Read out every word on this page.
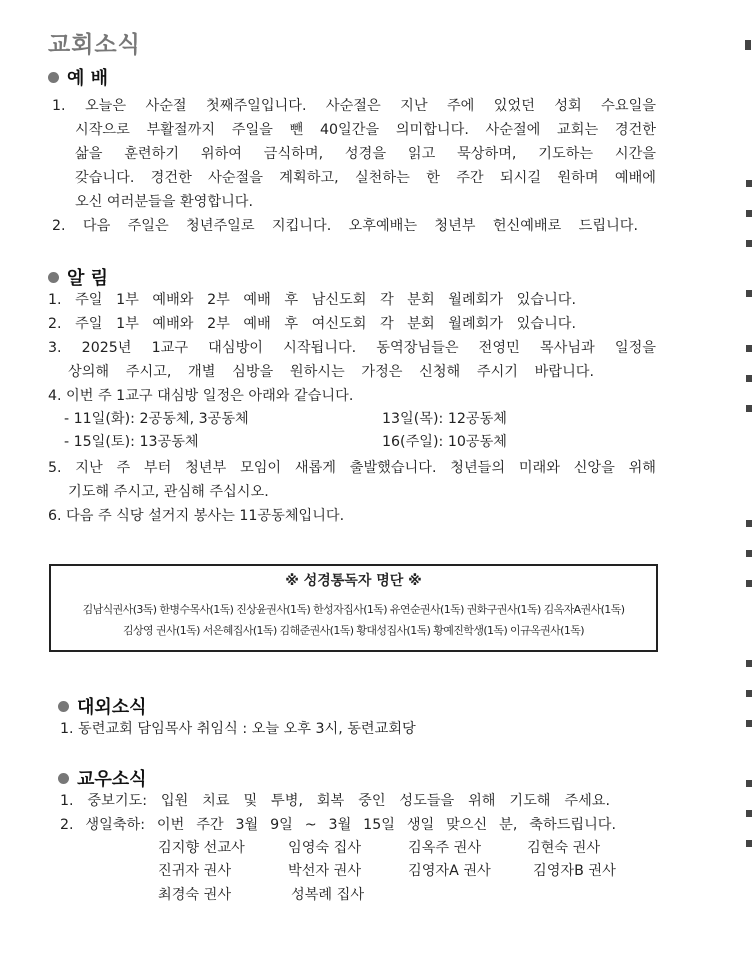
교회소식
예 배
1. 오늘은 사순절 첫째주일입니다. 사순절은 지난 주에 있었던 성회 수요일을
시작으로 부활절까지 주일을 뺀 40일간을 의미합니다. 사순절에 교회는 경건한
삶을 훈련하기 위하여 금식하며, 성경을 읽고 묵상하며, 기도하는 시간을
갖습니다. 경건한 사순절을 계획하고, 실천하는 한 주간 되시길 원하며 예배에
오신 여러분들을 환영합니다.
2. 다음 주일은 청년주일로 지킵니다. 오후예배는 청년부 헌신예배로 드립니다.
알 림
1. 주일 1부 예배와 2부 예배 후 남신도회 각 분회 월례회가 있습니다.
2. 주일 1부 예배와 2부 예배 후 여신도회 각 분회 월례회가 있습니다.
3. 2025년 1교구 대심방이 시작됩니다. 동역장님들은 전영민 목사님과 일정을
상의해 주시고, 개별 심방을 원하시는 가정은 신청해 주시기 바랍니다.
4. 이번 주 1교구 대심방 일정은 아래와 같습니다.
- 11일(화): 2공동체, 3공동체	13일(목): 12공동체
- 15일(토): 13공동체	16(주일): 10공동체
5. 지난 주 부터 청년부 모임이 새롭게 출발했습니다. 청년들의 미래와 신앙을 위해
기도해 주시고, 관심해 주십시오.
6. 다음 주 식당 설거지 봉사는 11공동체입니다.
※ 성경통독자 명단 ※
김남식권사(3독) 한병수목사(1독) 진상윤권사(1독) 한성자집사(1독) 유연순권사(1독) 권화구권사(1독) 김옥자A권사(1독)
김상영 권사(1독) 서은혜집사(1독) 김해준권사(1독) 황대성집사(1독) 황예진학생(1독) 이규옥권사(1독)
대외소식
1. 동련교회 담임목사 취임식 : 오늘 오후 3시, 동련교회당
교우소식
1. 중보기도: 입원 치료 및 투병, 회복 중인 성도들을 위해 기도해 주세요.
2. 생일축하: 이번 주간 3월 9일 ~ 3월 15일 생일 맞으신 분, 축하드립니다.
김지향 선교사	임영숙 집사	김옥주 권사	김현숙 권사
진귀자 권사	박선자 권사	김영자A 권사	김영자B 권사
최경숙 권사	성복례 집사
